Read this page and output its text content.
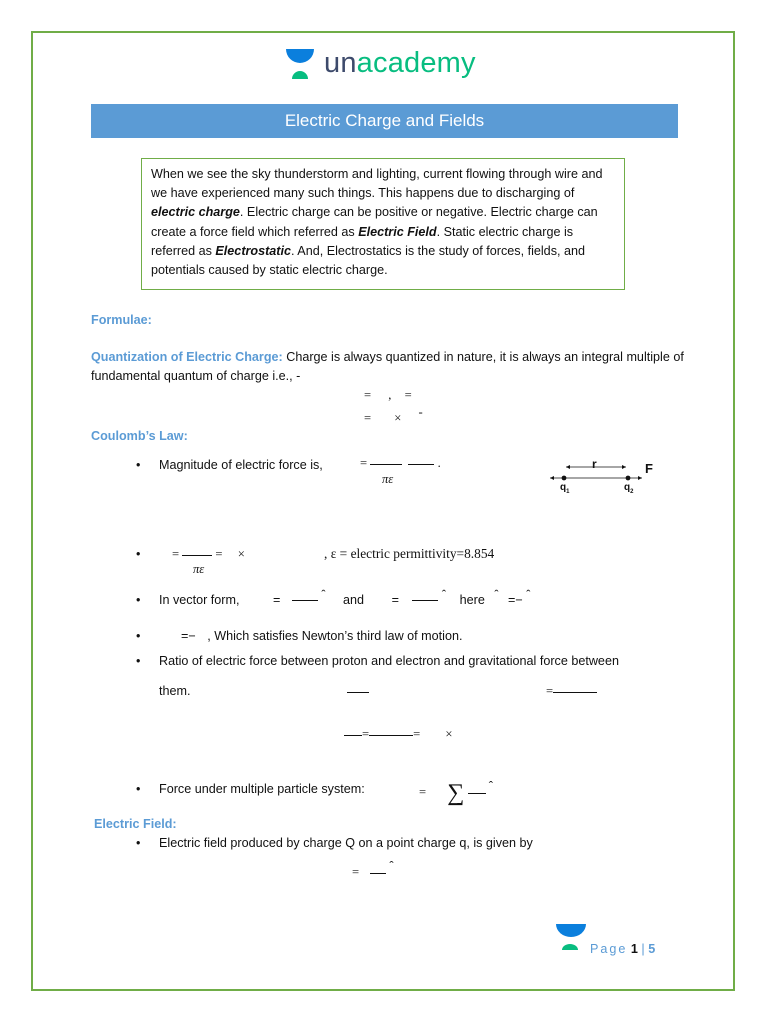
unacademy
Electric Charge and Fields
When we see the sky thunderstorm and lighting, current flowing through wire and we have experienced many such things. This happens due to discharging of electric charge. Electric charge can be positive or negative. Electric charge can create a force field which referred as Electric Field. Static electric charge is referred as Electrostatic. And, Electrostatics is the study of forces, fields, and potentials caused by static electric charge.
Formulae:
Quantization of Electric Charge: Charge is always quantized in nature, it is always an integral multiple of fundamental quantum of charge i.e., -
= , =
= × -
Coulomb’s Law:
• Magnitude of electric force is,	=	.
πε
r	F
$q_1$	$q_2$
•	=	= ×
πε
, ε = electric permittivity=8.854
• In vector form,	=	ˆ and =	ˆ here ˆ =− ˆ
•	=− , Which satisfies Newton’s third law of motion.
• Ratio of electric force between proton and electron and gravitational force between
them.	=
=	= ×
• Force under multiple particle system:	= ∑ ˆ
Electric Field:
• Electric field produced by charge Q on a point charge q, is given by
= ˆ
Page 1 | 5
